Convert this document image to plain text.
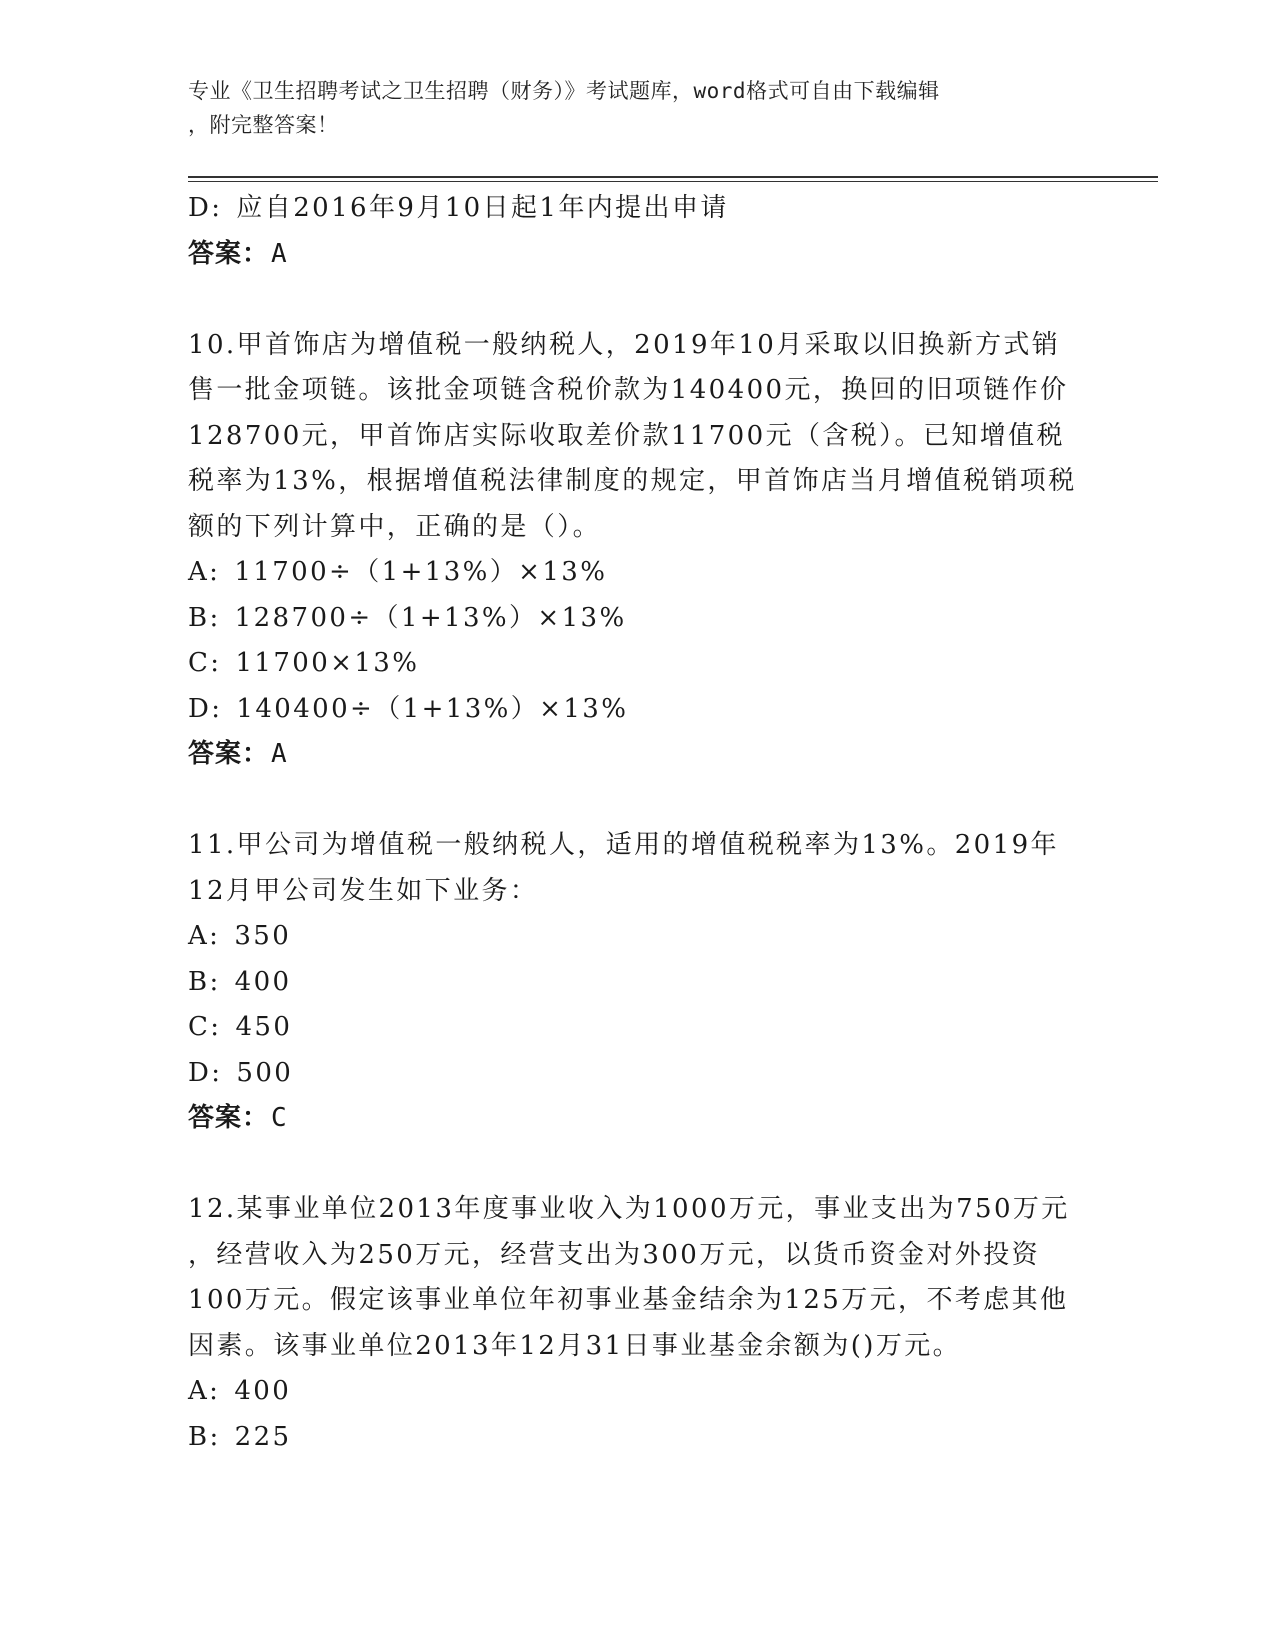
专业《卫生招聘考试之卫生招聘（财务）》考试题库，word格式可自由下载编辑
，附完整答案！
D: 应自2016年9月10日起1年内提出申请
答案：A
10.甲首饰店为增值税一般纳税人，2019年10月采取以旧换新方式销
售一批金项链。该批金项链含税价款为140400元，换回的旧项链作价
128700元，甲首饰店实际收取差价款11700元（含税）。已知增值税
税率为13%，根据增值税法律制度的规定，甲首饰店当月增值税销项税
额的下列计算中，正确的是（）。
A: 11700÷（1+13%）×13%
B: 128700÷（1+13%）×13%
C: 11700×13%
D: 140400÷（1+13%）×13%
答案：A
11.甲公司为增值税一般纳税人，适用的增值税税率为13%。2019年
12月甲公司发生如下业务：
A: 350
B: 400
C: 450
D: 500
答案：C
12.某事业单位2013年度事业收入为1000万元，事业支出为750万元
，经营收入为250万元，经营支出为300万元，以货币资金对外投资
100万元。假定该事业单位年初事业基金结余为125万元，不考虑其他
因素。该事业单位2013年12月31日事业基金余额为()万元。
A: 400
B: 225
